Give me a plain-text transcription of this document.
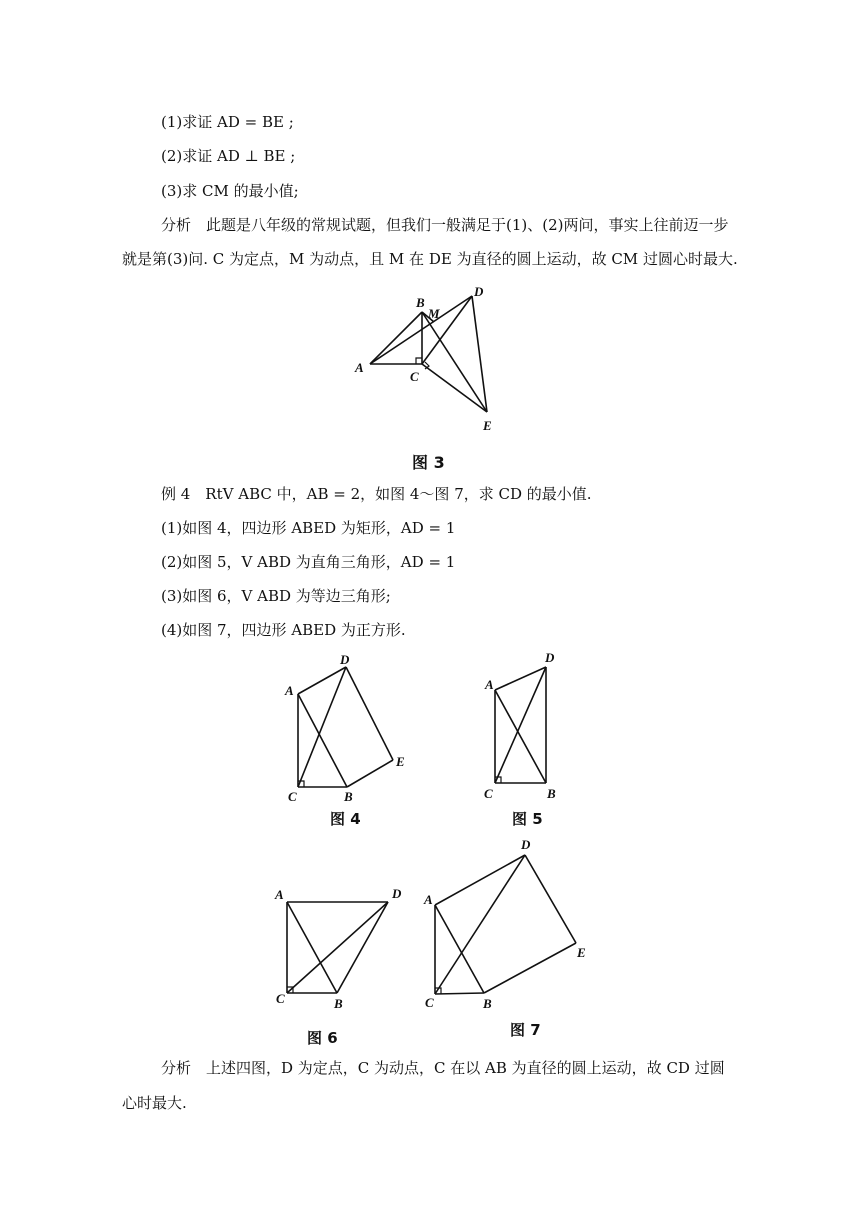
(1)求证 AD = BE ;
(2)求证 AD ⊥ BE ;
(3)求 CM 的最小值;
分析　此题是八年级的常规试题，但我们一般满足于(1)、(2)两问，事实上往前迈一步
就是第(3)问. C 为定点，M 为动点，且 M 在 DE 为直径的圆上运动，故 CM 过圆心时最大.
例 4　RtV ABC 中，AB = 2，如图 4～图 7，求 CD 的最小值.
(1)如图 4，四边形 ABED 为矩形，AD = 1
(2)如图 5，V ABD 为直角三角形，AD = 1
(3)如图 6，V ABD 为等边三角形;
(4)如图 7，四边形 ABED 为正方形.
分析　上述四图，D 为定点，C 为动点，C 在以 AB 为直径的圆上运动，故 CD 过圆
心时最大.
图 3
图 4	图 5
图 6	图 7
A
B
M
C
D
E
A
D
E
C	B
A
D
C	B
A	D
C	B
A
D
E
C	B
